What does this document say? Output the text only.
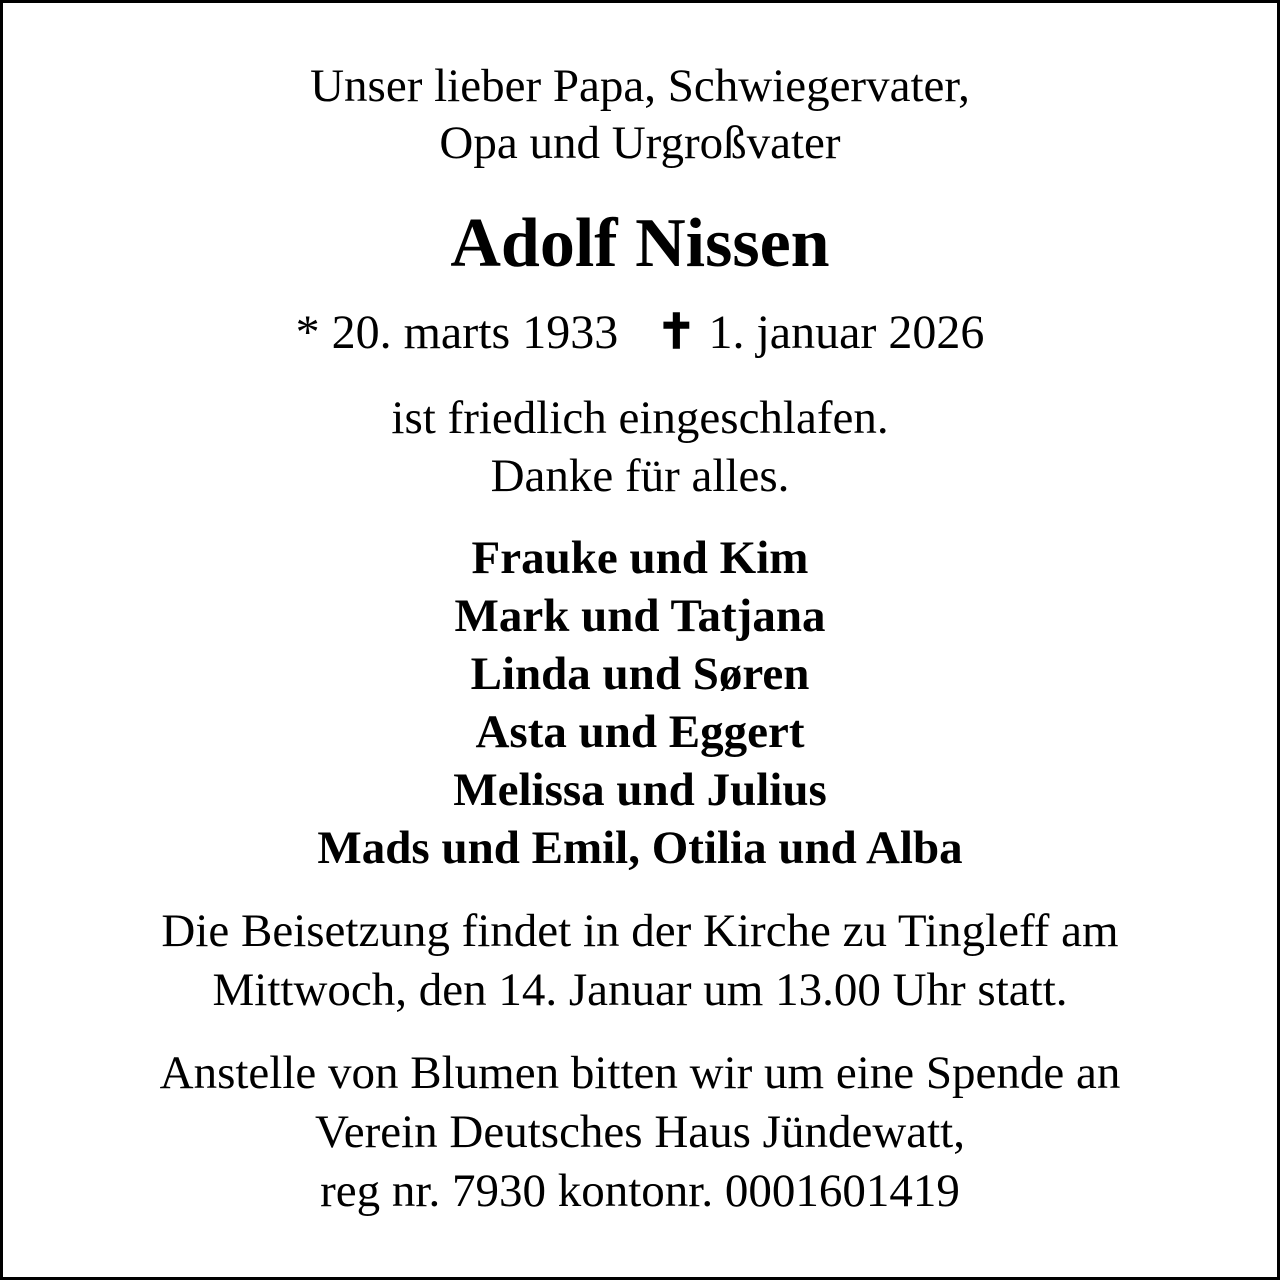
Unser lieber Papa, Schwiegervater,
Opa und Urgroßvater
Adolf Nissen
* 20. marts 1933 ✝ 1. januar 2026
ist friedlich eingeschlafen.
Danke für alles.
Frauke und Kim
Mark und Tatjana
Linda und Søren
Asta und Eggert
Melissa und Julius
Mads und Emil, Otilia und Alba
Die Beisetzung findet in der Kirche zu Tingleff am
Mittwoch, den 14. Januar um 13.00 Uhr statt.
Anstelle von Blumen bitten wir um eine Spende an
Verein Deutsches Haus Jündewatt,
reg nr. 7930 kontonr. 0001601419
